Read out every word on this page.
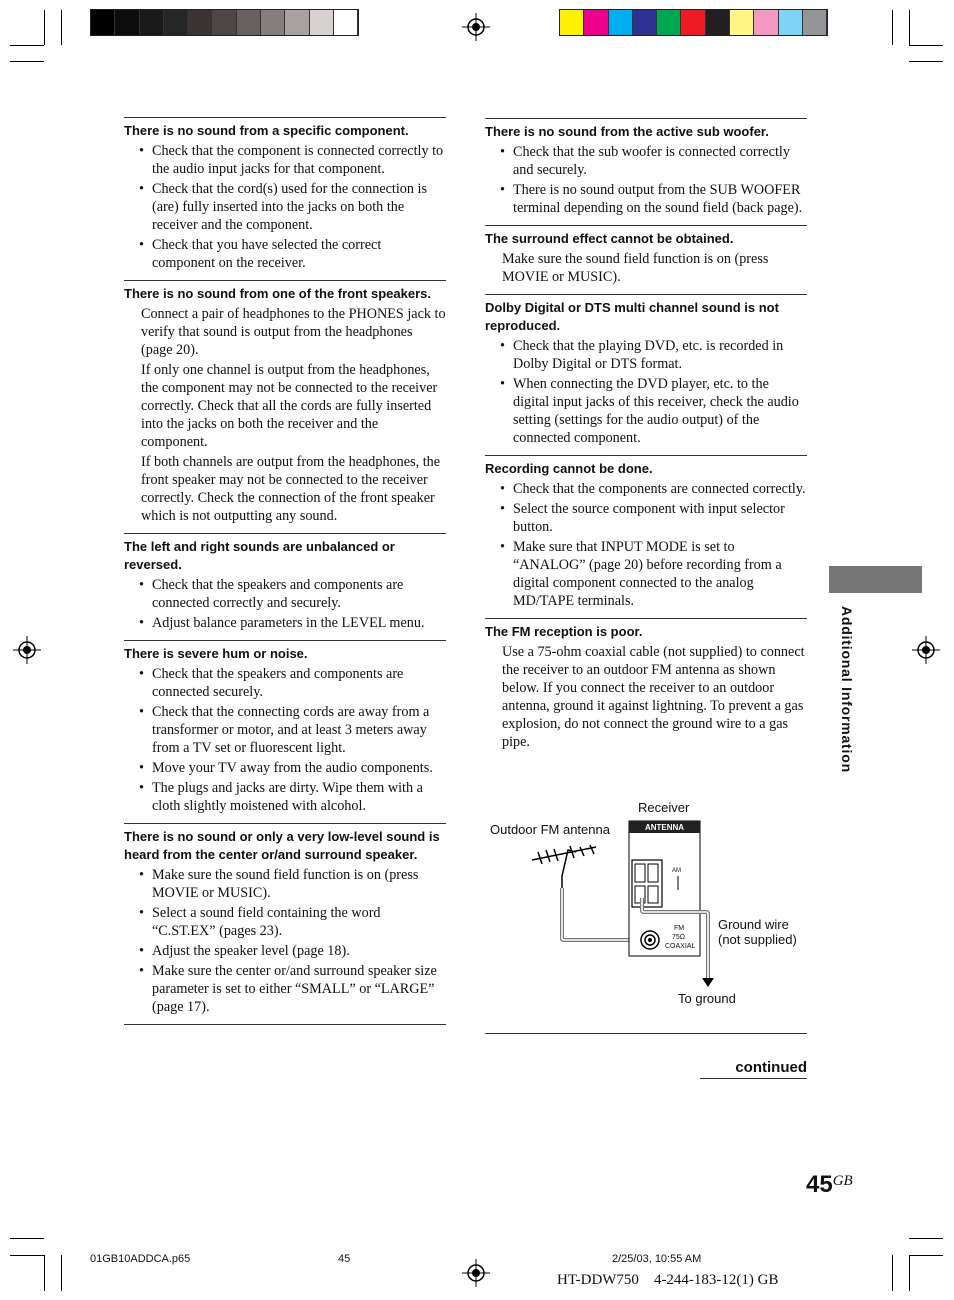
There is no sound from a specific component.

• Check that the component is connected correctly to the audio input jacks for that component.
• Check that the cord(s) used for the connection is (are) fully inserted into the jacks on both the receiver and the component.
• Check that you have selected the correct component on the receiver.

There is no sound from one of the front speakers.

Connect a pair of headphones to the PHONES jack to verify that sound is output from the headphones (page 20).

If only one channel is output from the headphones, the component may not be connected to the receiver correctly. Check that all the cords are fully inserted into the jacks on both the receiver and the component.

If both channels are output from the headphones, the front speaker may not be connected to the receiver correctly. Check the connection of the front speaker which is not outputting any sound.

The left and right sounds are unbalanced or reversed.

• Check that the speakers and components are connected correctly and securely.
• Adjust balance parameters in the LEVEL menu.

There is severe hum or noise.

• Check that the speakers and components are connected securely.
• Check that the connecting cords are away from a transformer or motor, and at least 3 meters away from a TV set or fluorescent light.
• Move your TV away from the audio components.
• The plugs and jacks are dirty. Wipe them with a cloth slightly moistened with alcohol.

There is no sound or only a very low-level sound is heard from the center or/and surround speaker.

• Make sure the sound field function is on (press MOVIE or MUSIC).
• Select a sound field containing the word “C.ST.EX” (pages 23).
• Adjust the speaker level (page 18).
• Make sure the center or/and surround speaker size parameter is set to either “SMALL” or “LARGE” (page 17).

There is no sound from the active sub woofer.

• Check that the sub woofer is connected correctly and securely.
• There is no sound output from the SUB WOOFER terminal depending on the sound field (back page).

The surround effect cannot be obtained.

Make sure the sound field function is on (press MOVIE or MUSIC).

Dolby Digital or DTS multi channel sound is not reproduced.

• Check that the playing DVD, etc. is recorded in Dolby Digital or DTS format.
• When connecting the DVD player, etc. to the digital input jacks of this receiver, check the audio setting (settings for the audio output) of the connected component.

Recording cannot be done.

• Check that the components are connected correctly.
• Select the source component with input selector button.
• Make sure that INPUT MODE is set to “ANALOG” (page 20) before recording from a digital component connected to the analog MD/TAPE terminals.

The FM reception is poor.

Use a 75-ohm coaxial cable (not supplied) to connect the receiver to an outdoor FM antenna as shown below. If you connect the receiver to an outdoor antenna, ground it against lightning. To prevent a gas explosion, do not connect the ground wire to a gas pipe.

Receiver
ANTENNA
Outdoor FM antenna
AM
FM
75Ω
COAXIAL
Ground wire
(not supplied)
To ground
continued
Additional Information
$45^{GB}$
01GB10ADDCA.p65	45	2/25/03, 10:55 AM
HT-DDW750 4-244-183-12(1) GB
